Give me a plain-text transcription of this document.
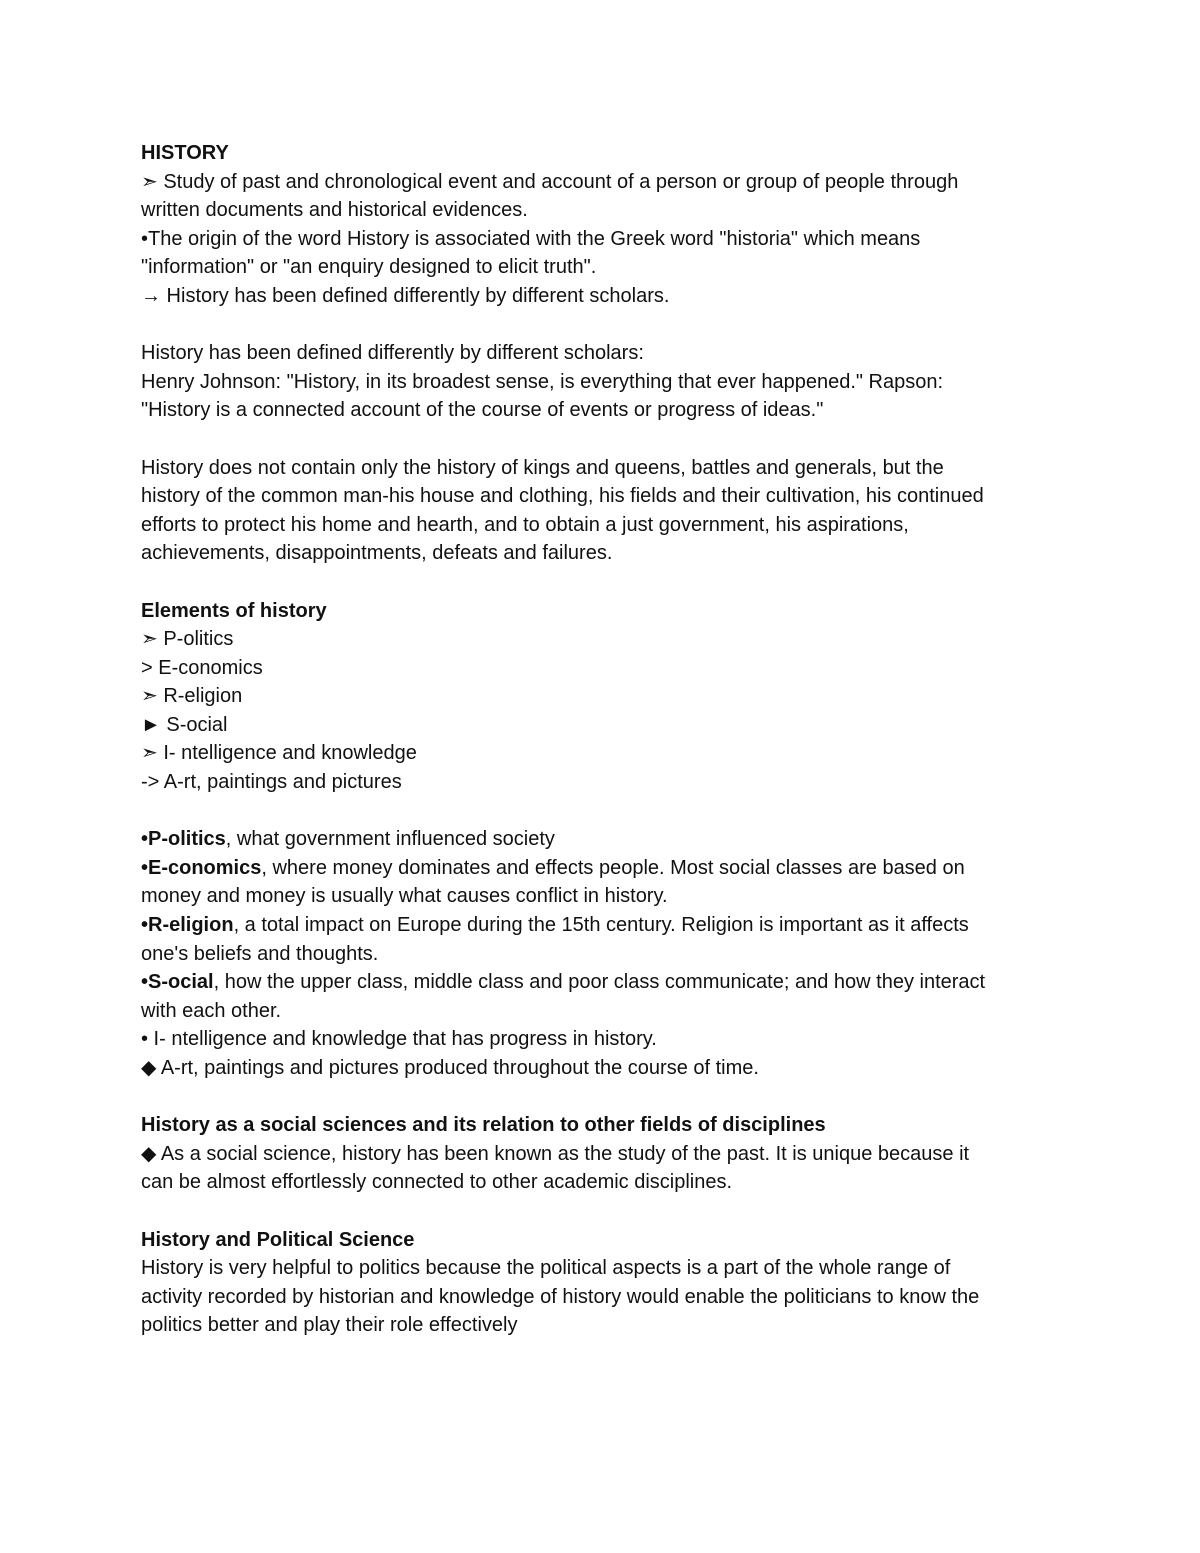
HISTORY
➣ Study of past and chronological event and account of a person or group of people through
written documents and historical evidences.
•The origin of the word History is associated with the Greek word "historia" which means
"information" or "an enquiry designed to elicit truth".
→ History has been defined differently by different scholars.
History has been defined differently by different scholars:
Henry Johnson: "History, in its broadest sense, is everything that ever happened." Rapson:
"History is a connected account of the course of events or progress of ideas."
History does not contain only the history of kings and queens, battles and generals, but the
history of the common man-his house and clothing, his fields and their cultivation, his continued
efforts to protect his home and hearth, and to obtain a just government, his aspirations,
achievements, disappointments, defeats and failures.
Elements of history
➣ P-olitics
> E-conomics
➣ R-eligion
► S-ocial
➣ I- ntelligence and knowledge
-> A-rt, paintings and pictures
•P-olitics, what government influenced society
•E-conomics, where money dominates and effects people. Most social classes are based on
money and money is usually what causes conflict in history.
•R-eligion, a total impact on Europe during the 15th century. Religion is important as it affects
one's beliefs and thoughts.
•S-ocial, how the upper class, middle class and poor class communicate; and how they interact
with each other.
• I- ntelligence and knowledge that has progress in history.
◆ A-rt, paintings and pictures produced throughout the course of time.
History as a social sciences and its relation to other fields of disciplines
◆ As a social science, history has been known as the study of the past. It is unique because it
can be almost effortlessly connected to other academic disciplines.
History and Political Science
History is very helpful to politics because the political aspects is a part of the whole range of
activity recorded by historian and knowledge of history would enable the politicians to know the
politics better and play their role effectively
